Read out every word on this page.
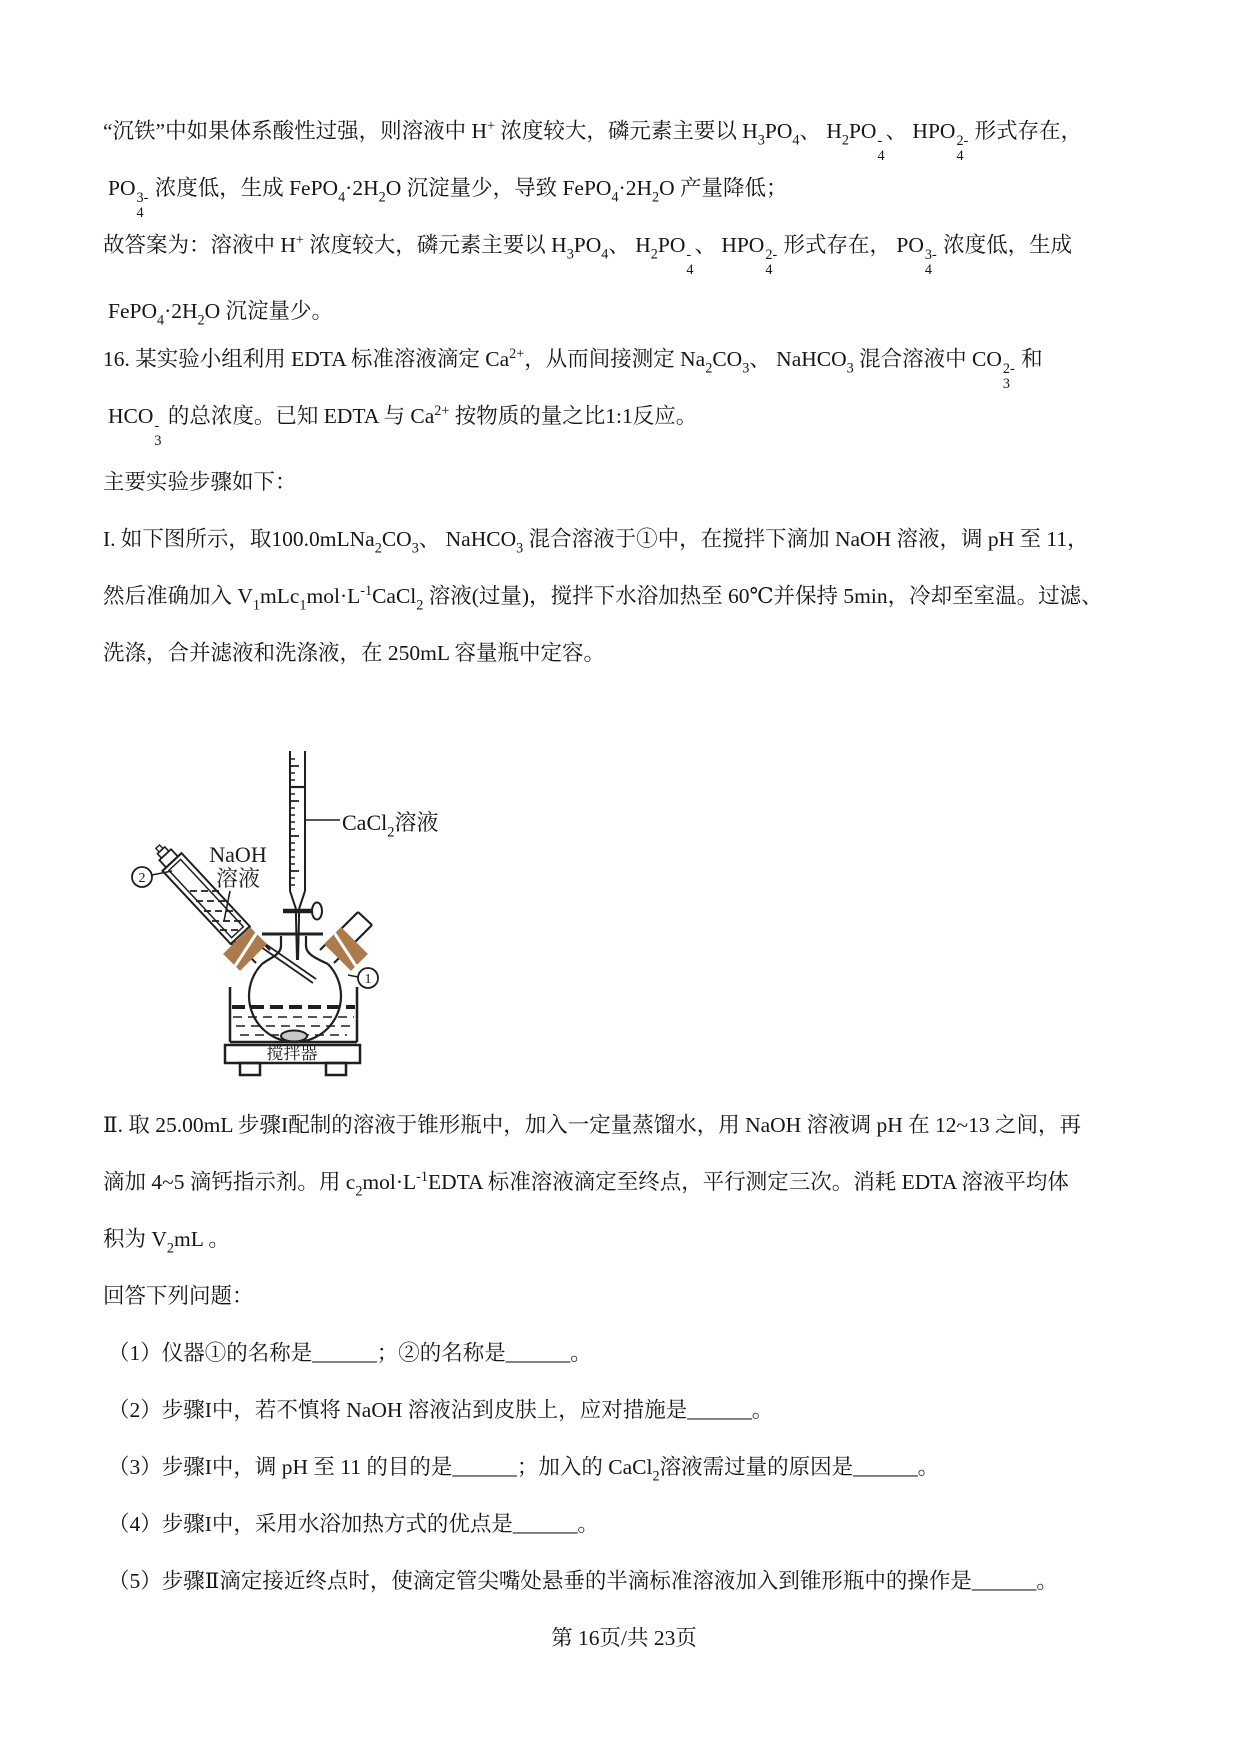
“沉铁”中如果体系酸性过强，则溶液中 H+ 浓度较大，磷元素主要以 $H_3PO_4$、 $H_2PO$ -
4
、 HPO 2-
4
形式存在，
PO 3-
4
浓度低，生成 $FePO_4\cdot 2H_2O$ 沉淀量少，导致 $FePO_4\cdot 2H_2O$ 产量降低；
故答案为：溶液中 H+ 浓度较大，磷元素主要以 $H_3PO_4$、 $H_2PO$ -
4
、 HPO 2-
4
形式存在， PO 3-
4
浓度低，生成
$FePO_4\cdot 2H_2O$ 沉淀量少。
16. 某实验小组利用 EDTA 标准溶液滴定 $Ca^{2+}$，从而间接测定 $Na_2CO_3$、 NaHCO$_3$ 混合溶液中 CO 2-
3
和
HCO -
3
的总浓度。已知 EDTA 与 $Ca^{2+}$ 按物质的量之比1:1反应。
主要实验步骤如下：
I. 如下图所示，取$100.0mLNa_2CO_3$、 NaHCO$_3$ 混合溶液于①中，在搅拌下滴加 NaOH 溶液，调 pH 至 11，
然后准确加入 $V_1mLc_1mol\cdot L^{-1}CaCl_2$ 溶液(过量)，搅拌下水浴加热至 60℃并保持 5min，冷却至室温。过滤、
洗涤，合并滤液和洗涤液，在 250mL 容量瓶中定容。
搅拌器
NaOH
溶液
2
1
CaCl$_2$溶液
Ⅱ. 取 25.00mL 步骤I配制的溶液于锥形瓶中，加入一定量蒸馏水，用 NaOH 溶液调 pH 在 12~13 之间，再
滴加 4~5 滴钙指示剂。用 $c_2mol\cdot L^{-1}EDTA$ 标准溶液滴定至终点，平行测定三次。消耗 EDTA 溶液平均体
积为 $V_2mL$ 。
回答下列问题：
（1）仪器①的名称是______；②的名称是______。
（2）步骤I中，若不慎将 NaOH 溶液沾到皮肤上，应对措施是______。
（3）步骤I中，调 pH 至 11 的目的是______；加入的 CaCl$_2$溶液需过量的原因是______。
（4）步骤I中，采用水浴加热方式的优点是______。
（5）步骤Ⅱ滴定接近终点时，使滴定管尖嘴处悬垂的半滴标准溶液加入到锥形瓶中的操作是______。
第 16页/共 23页
